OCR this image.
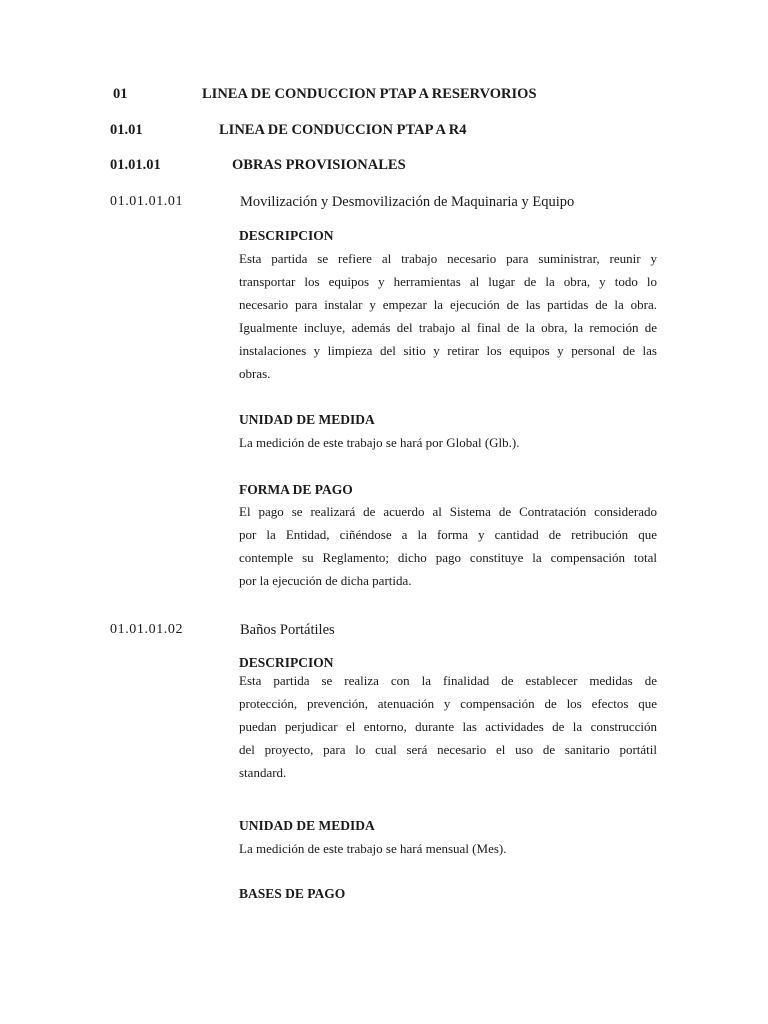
01	LINEA DE CONDUCCION PTAP A RESERVORIOS
01.01	LINEA DE CONDUCCION PTAP A R4
01.01.01	OBRAS PROVISIONALES
01.01.01.01	Movilización y Desmovilización de Maquinaria y Equipo
DESCRIPCION
Esta partida se refiere al trabajo necesario para suministrar, reunir y
transportar los equipos y herramientas al lugar de la obra, y todo lo
necesario para instalar y empezar la ejecución de las partidas de la obra.
Igualmente incluye, además del trabajo al final de la obra, la remoción de
instalaciones y limpieza del sitio y retirar los equipos y personal de las
obras.
UNIDAD DE MEDIDA
La medición de este trabajo se hará por Global (Glb.).
FORMA DE PAGO
El pago se realizará de acuerdo al Sistema de Contratación considerado
por la Entidad, ciñéndose a la forma y cantidad de retribución que
contemple su Reglamento; dicho pago constituye la compensación total
por la ejecución de dicha partida.
01.01.01.02	Baños Portátiles
DESCRIPCION
Esta partida se realiza con la finalidad de establecer medidas de
protección, prevención, atenuación y compensación de los efectos que
puedan perjudicar el entorno, durante las actividades de la construcción
del proyecto, para lo cual será necesario el uso de sanitario portátil
standard.
UNIDAD DE MEDIDA
La medición de este trabajo se hará mensual (Mes).
BASES DE PAGO
